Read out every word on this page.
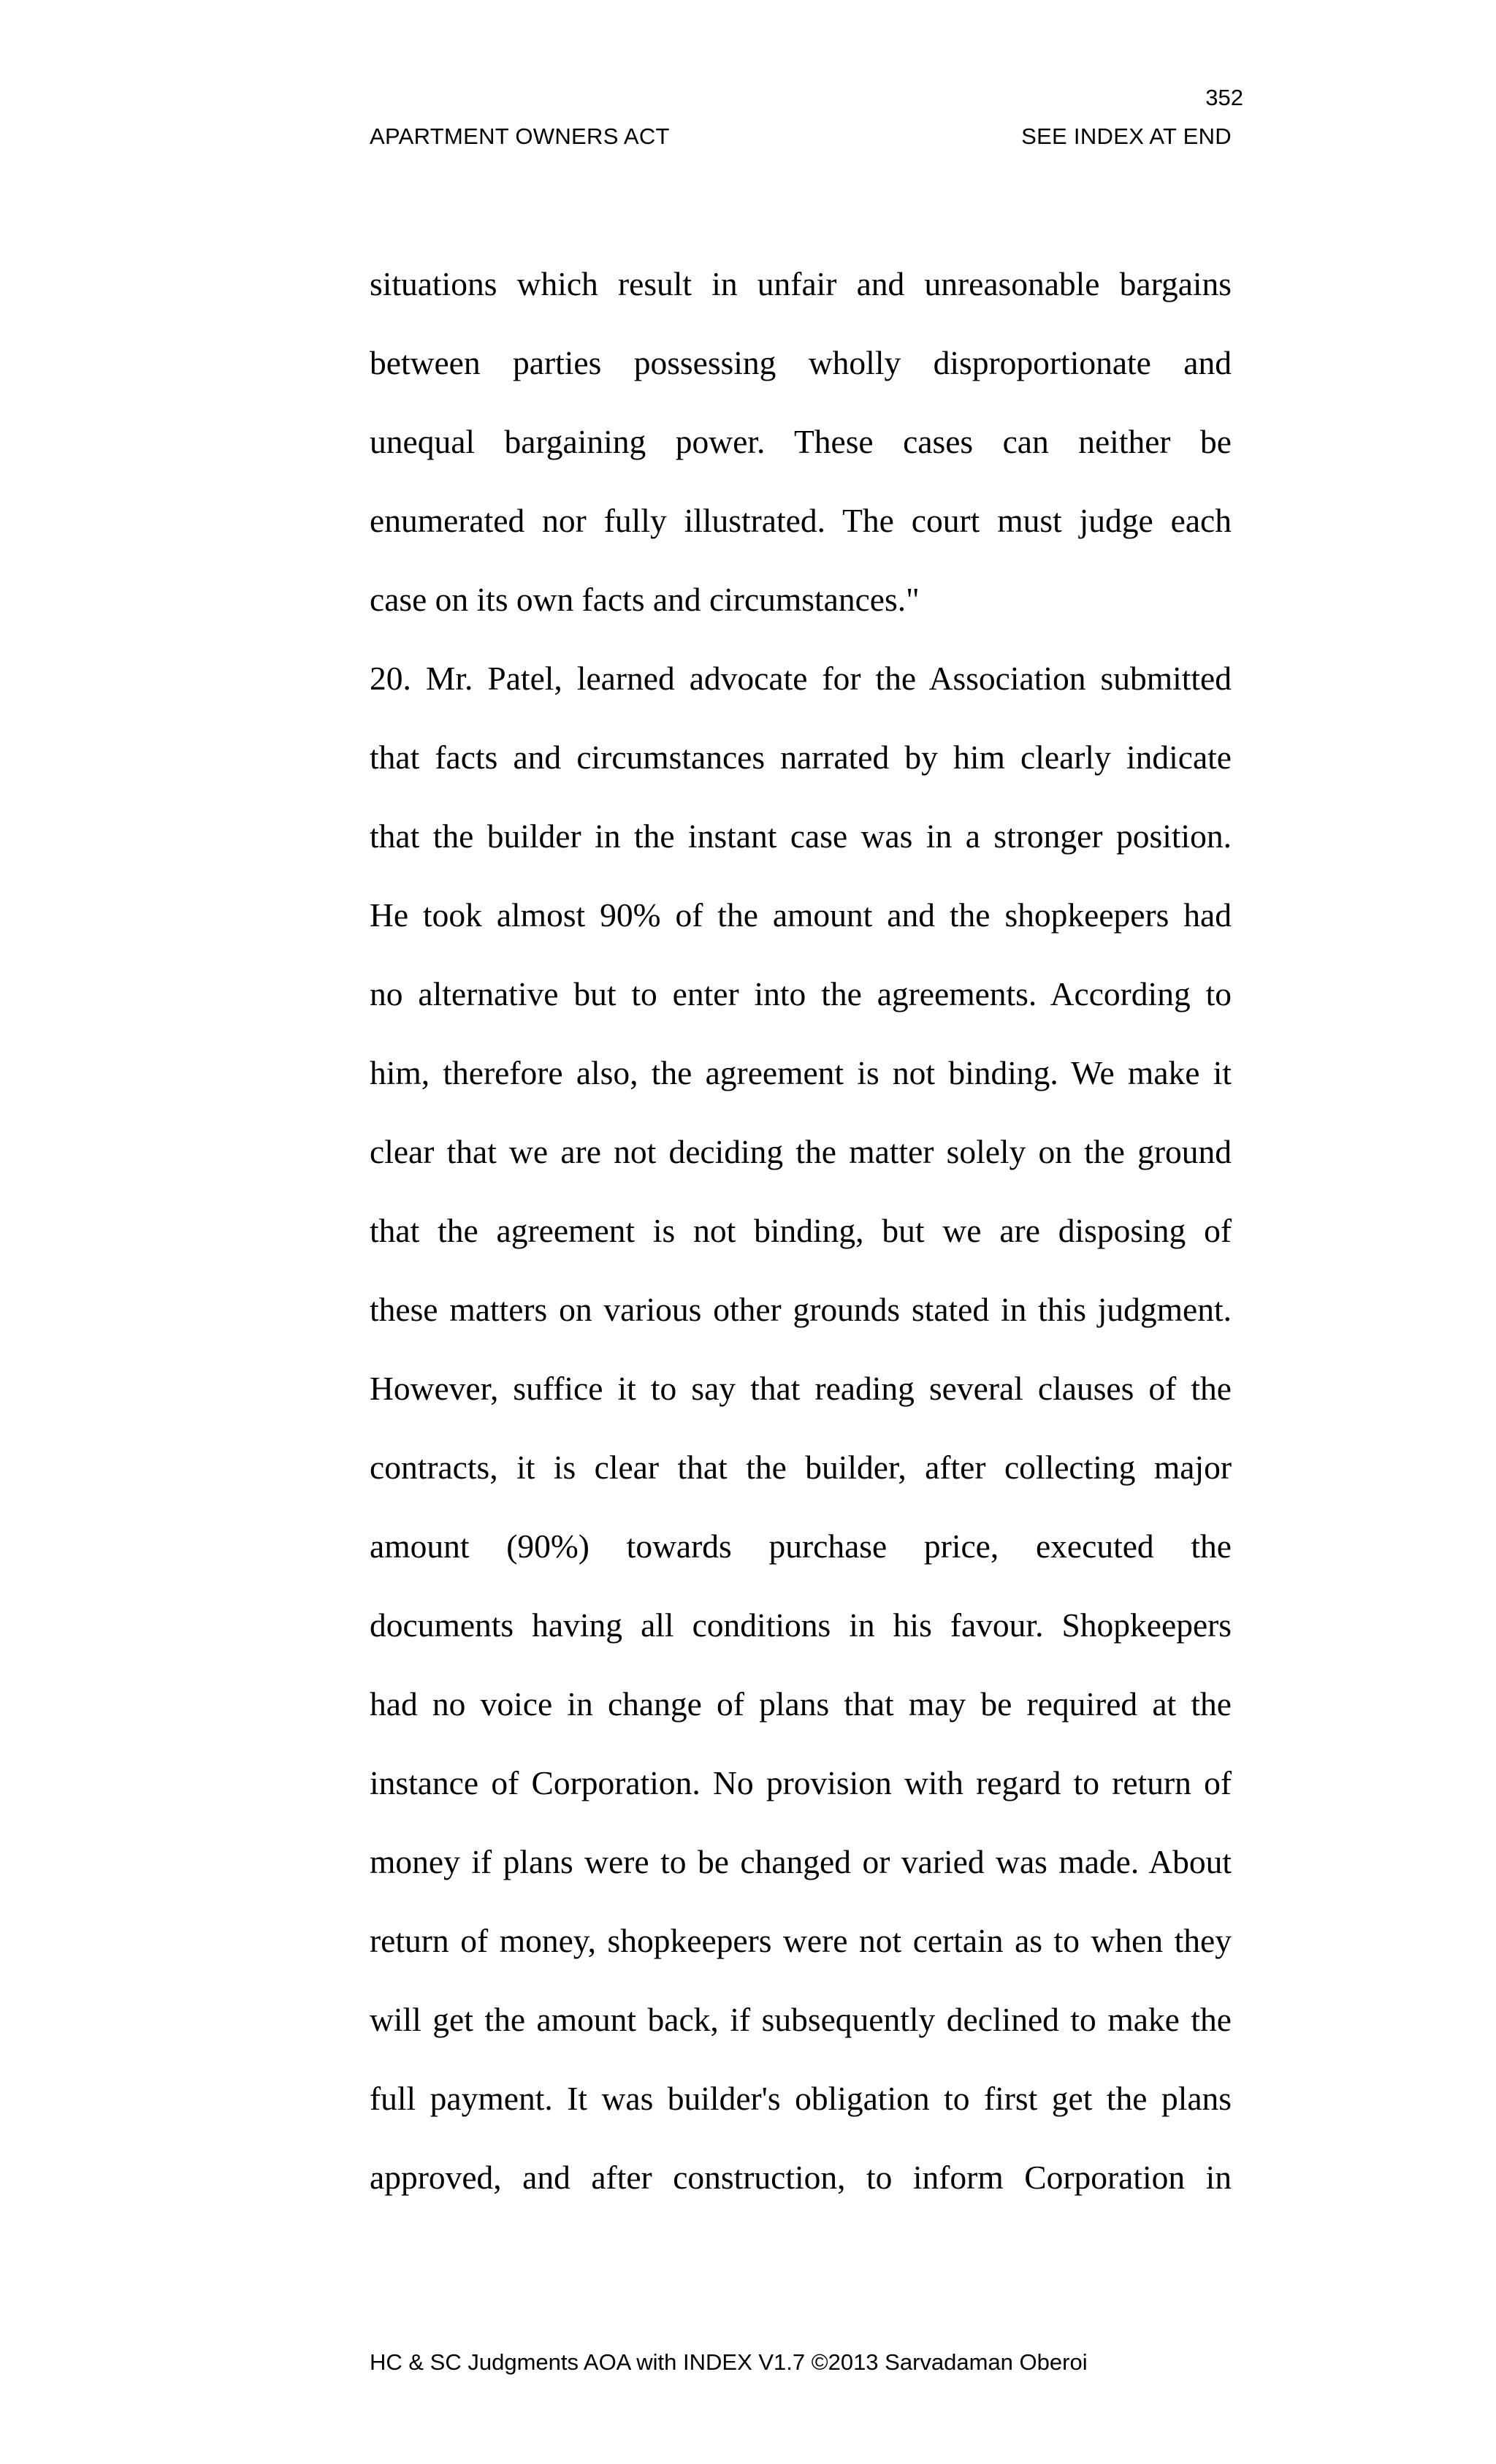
352
APARTMENT OWNERS ACT	SEE INDEX AT END
situations which result in unfair and unreasonable bargains
between parties possessing wholly disproportionate and
unequal bargaining power. These cases can neither be
enumerated nor fully illustrated. The court must judge each
case on its own facts and circumstances."
20. Mr. Patel, learned advocate for the Association submitted
that facts and circumstances narrated by him clearly indicate
that the builder in the instant case was in a stronger position.
He took almost 90% of the amount and the shopkeepers had
no alternative but to enter into the agreements. According to
him, therefore also, the agreement is not binding. We make it
clear that we are not deciding the matter solely on the ground
that the agreement is not binding, but we are disposing of
these matters on various other grounds stated in this judgment.
However, suffice it to say that reading several clauses of the
contracts, it is clear that the builder, after collecting major
amount (90%) towards purchase price, executed the
documents having all conditions in his favour. Shopkeepers
had no voice in change of plans that may be required at the
instance of Corporation. No provision with regard to return of
money if plans were to be changed or varied was made. About
return of money, shopkeepers were not certain as to when they
will get the amount back, if subsequently declined to make the
full payment. It was builder's obligation to first get the plans
approved, and after construction, to inform Corporation in
HC & SC Judgments AOA with INDEX V1.7 ©2013 Sarvadaman Oberoi
